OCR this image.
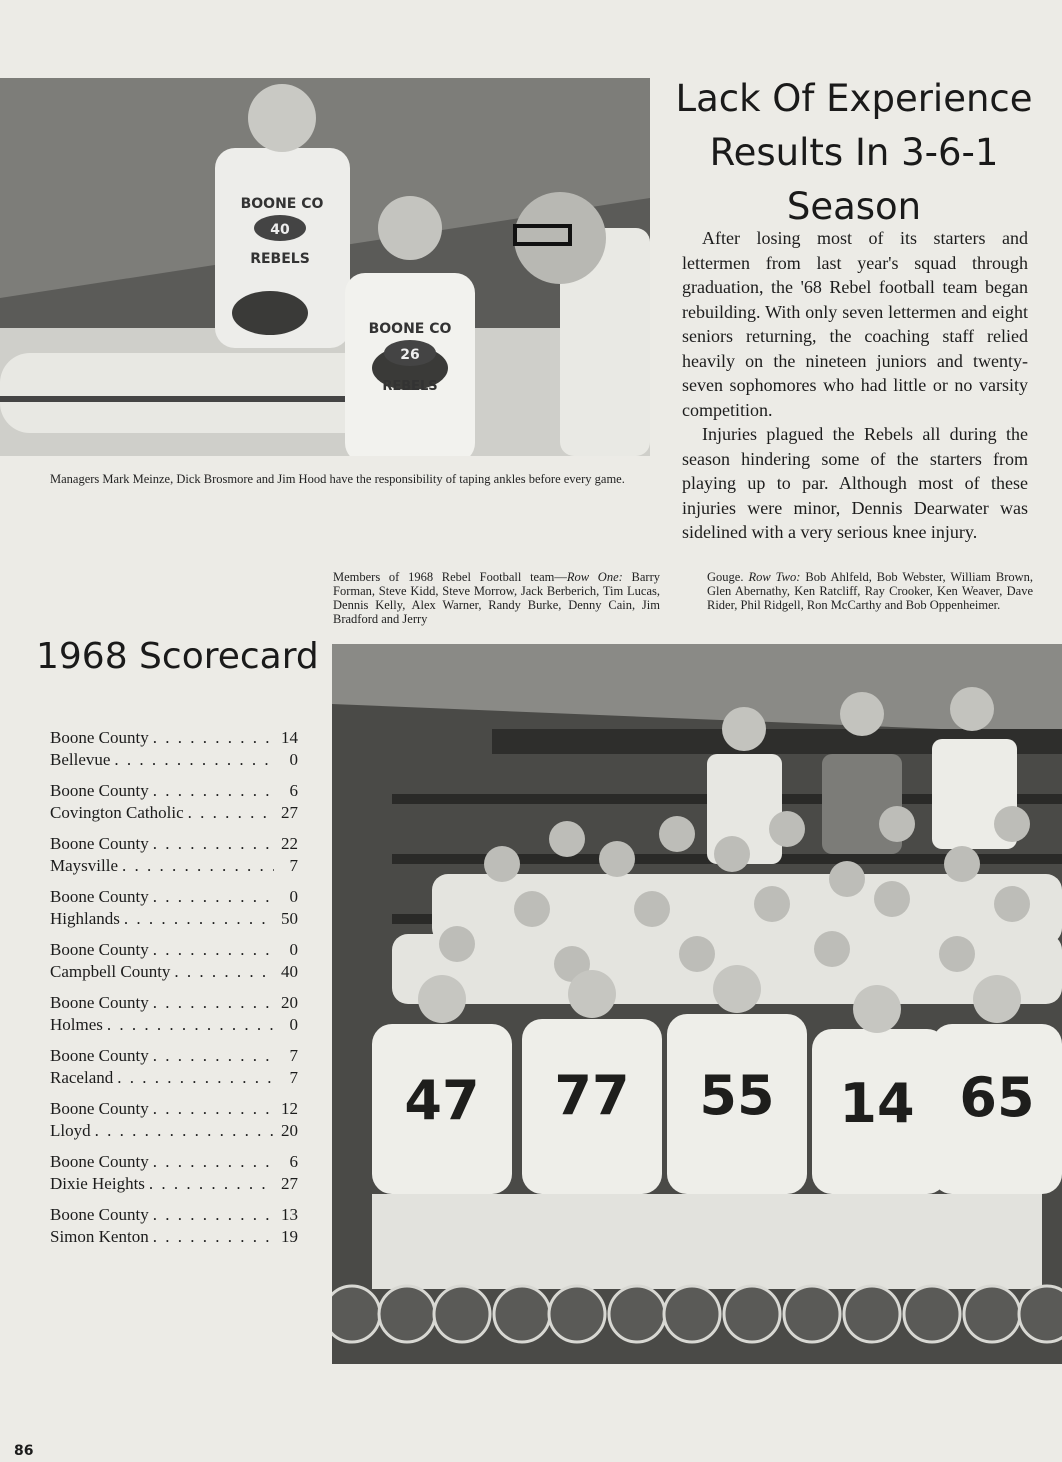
BOONE CO
40
REBELS
BOONE CO
26
REBELS
Managers Mark Meinze, Dick Brosmore and Jim Hood have the responsibility of taping ankles before every game.
Lack Of Experience
Results In 3-6-1
Season

After losing most of its starters and lettermen from last year's squad through graduation, the '68 Rebel football team began rebuilding. With only seven lettermen and eight seniors returning, the coaching staff relied heavily on the nineteen juniors and twenty-seven sophomores who had little or no varsity competition.

Injuries plagued the Rebels all during the season hindering some of the starters from playing up to par. Although most of these injuries were minor, Dennis Dearwater was sidelined with a very serious knee injury.

Members of 1968 Rebel Football team—Row One: Barry Forman, Steve Kidd, Steve Morrow, Jack Berberich, Tim Lucas, Dennis Kelly, Alex Warner, Randy Burke, Denny Cain, Jim Bradford and Jerry
Gouge. Row Two: Bob Ahlfeld, Bob Webster, William Brown, Glen Abernathy, Ken Ratcliff, Ray Crooker, Ken Weaver, Dave Rider, Phil Ridgell, Ron McCarthy and Bob Oppenheimer.
1968 Scorecard
Boone County . . .	14
Bellevue . . .	0
Boone County . . .	6
Covington Catholic . . .	27
Boone County . . .	22
Maysville . . .	7
Boone County . . .	0
Highlands . . .	50
Boone County . . .	0
Campbell County . . .	40
Boone County . . .	20
Holmes . . .	0
Boone County . . .	7
Raceland . . .	7
Boone County . . .	12
Lloyd . . .	20
Boone County . . .	6
Dixie Heights . . .	27
Boone County . . .	13
Simon Kenton . . .	19
47 77 55 14 65
86
